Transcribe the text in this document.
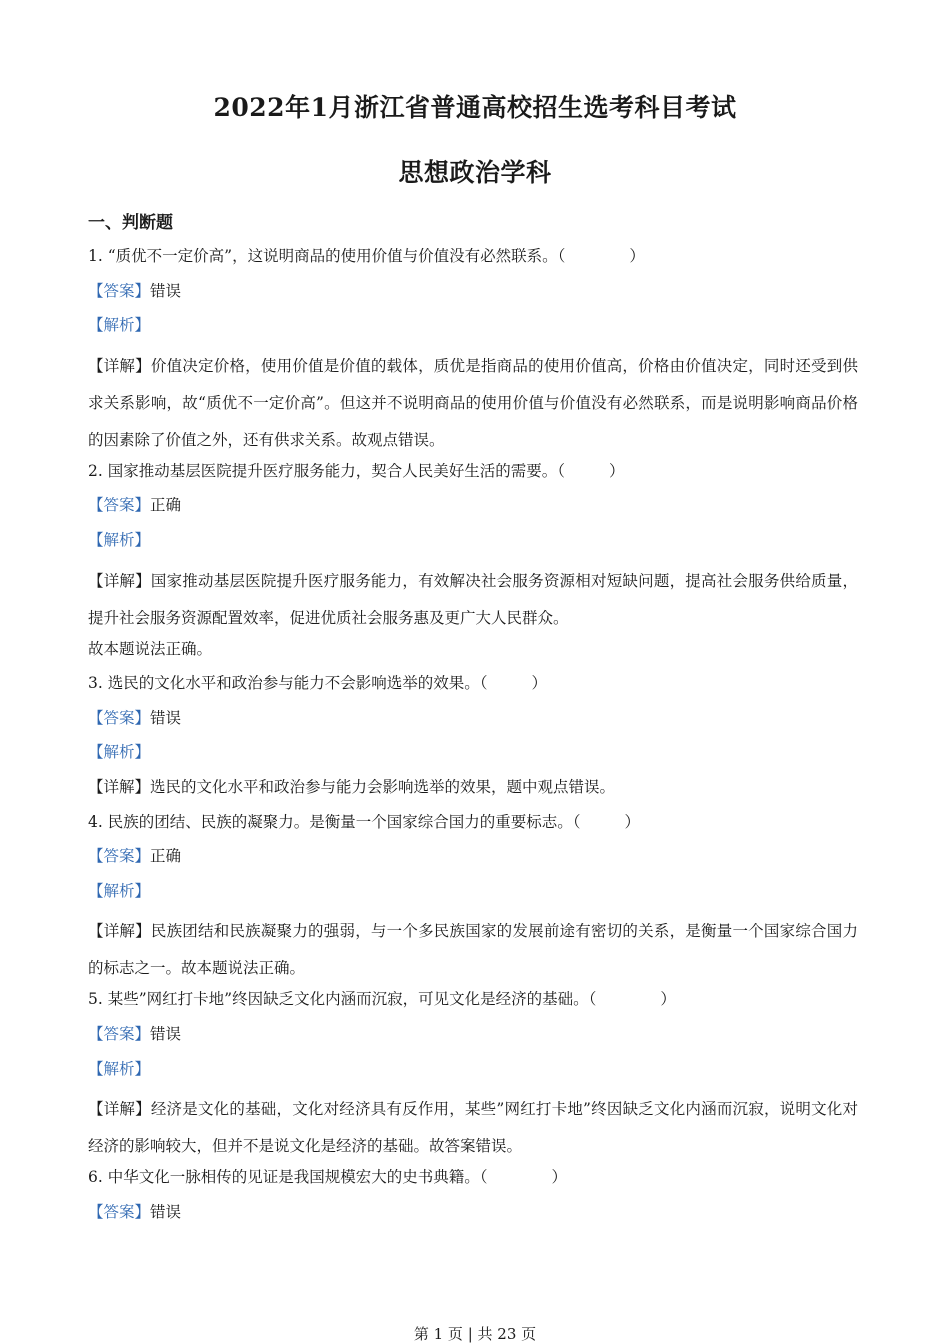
2022年1月浙江省普通高校招生选考科目考试
思想政治学科
一、判断题
1. “质优不一定价高”，这说明商品的使用价值与价值没有必然联系。（	）
【答案】错误
【解析】
【详解】价值决定价格，使用价值是价值的载体，质优是指商品的使用价值高，价格由价值决定，同时还受到供求关系影响，故“质优不一定价高”。但这并不说明商品的使用价值与价值没有必然联系，而是说明影响商品价格的因素除了价值之外，还有供求关系。故观点错误。
2. 国家推动基层医院提升医疗服务能力，契合人民美好生活的需要。（	）
【答案】正确
【解析】
【详解】国家推动基层医院提升医疗服务能力，有效解决社会服务资源相对短缺问题，提高社会服务供给质量，提升社会服务资源配置效率，促进优质社会服务惠及更广大人民群众。
故本题说法正确。
3. 选民的文化水平和政治参与能力不会影响选举的效果。（	）
【答案】错误
【解析】
【详解】选民的文化水平和政治参与能力会影响选举的效果，题中观点错误。
4. 民族的团结、民族的凝聚力。是衡量一个国家综合国力的重要标志。（	）
【答案】正确
【解析】
【详解】民族团结和民族凝聚力的强弱，与一个多民族国家的发展前途有密切的关系，是衡量一个国家综合国力的标志之一。故本题说法正确。
5. 某些”网红打卡地”终因缺乏文化内涵而沉寂，可见文化是经济的基础。（	）
【答案】错误
【解析】
【详解】经济是文化的基础，文化对经济具有反作用，某些”网红打卡地”终因缺乏文化内涵而沉寂，说明文化对经济的影响较大，但并不是说文化是经济的基础。故答案错误。
6. 中华文化一脉相传的见证是我国规模宏大的史书典籍。（	）
【答案】错误
第 1 页 | 共 23 页
